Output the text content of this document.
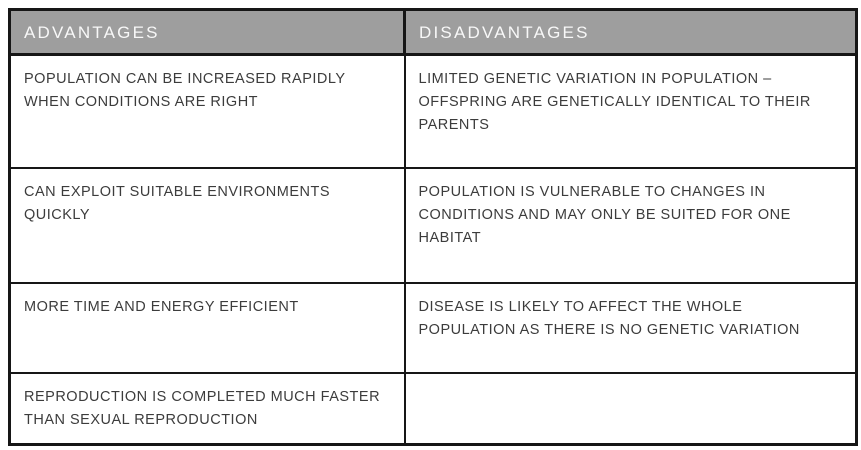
ADVANTAGES	DISADVANTAGES
POPULATION CAN BE INCREASED RAPIDLY WHEN CONDITIONS ARE RIGHT	LIMITED GENETIC VARIATION IN POPULATION – OFFSPRING ARE GENETICALLY IDENTICAL TO THEIR PARENTS
CAN EXPLOIT SUITABLE ENVIRONMENTS QUICKLY	POPULATION IS VULNERABLE TO CHANGES IN CONDITIONS AND MAY ONLY BE SUITED FOR ONE HABITAT
MORE TIME AND ENERGY EFFICIENT	DISEASE IS LIKELY TO AFFECT THE WHOLE POPULATION AS THERE IS NO GENETIC VARIATION
REPRODUCTION IS COMPLETED MUCH FASTER THAN SEXUAL REPRODUCTION	
